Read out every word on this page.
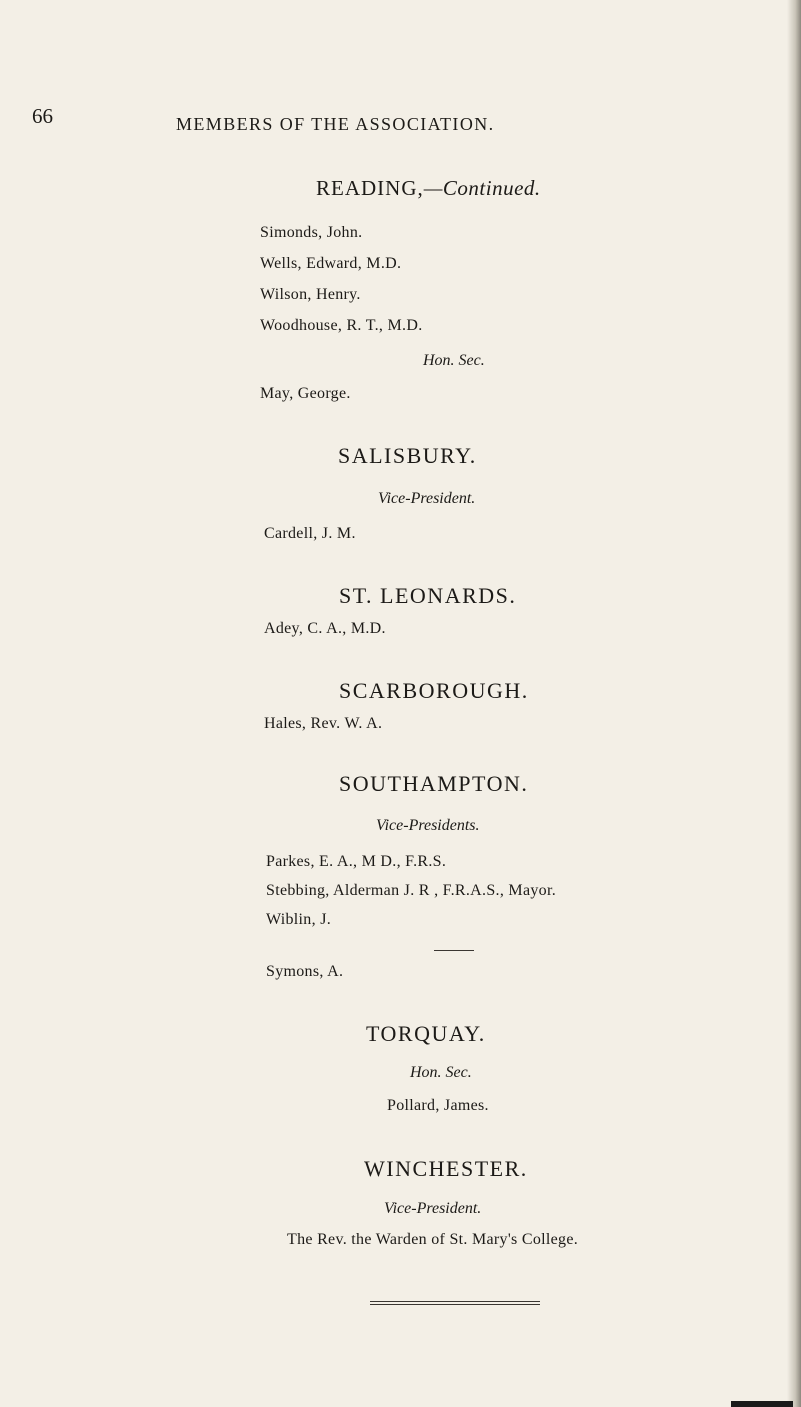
66	MEMBERS OF THE ASSOCIATION.
READING,—Continued.
Simonds, John.
Wells, Edward, M.D.
Wilson, Henry.
Woodhouse, R. T., M.D.
Hon. Sec.
May, George.
SALISBURY.
Vice-President.
Cardell, J. M.
ST. LEONARDS.
Adey, C. A., M.D.
SCARBOROUGH.
Hales, Rev. W. A.
SOUTHAMPTON.
Vice-Presidents.
Parkes, E. A., M D., F.R.S.
Stebbing, Alderman J. R , F.R.A.S., Mayor.
Wiblin, J.
Symons, A.
TORQUAY.
Hon. Sec.
Pollard, James.
WINCHESTER.
Vice-President.
The Rev. the Warden of St. Mary's College.
